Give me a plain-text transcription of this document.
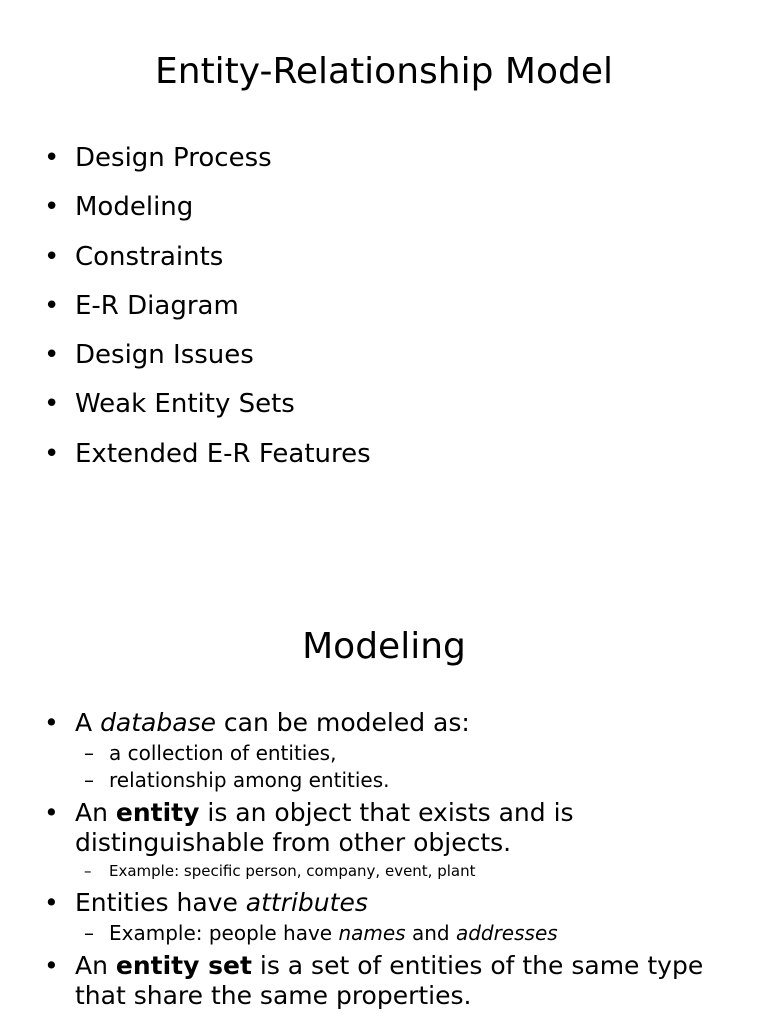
Entity-Relationship Model
• Design Process
• Modeling
• Constraints
• E-R Diagram
• Design Issues
• Weak Entity Sets
• Extended E-R Features
Modeling
• A database can be modeled as:
– a collection of entities,
– relationship among entities.
• An entity is an object that exists and is distinguishable from other objects.
– Example: specific person, company, event, plant
• Entities have attributes
– Example: people have names and addresses
• An entity set is a set of entities of the same type that share the same properties.
